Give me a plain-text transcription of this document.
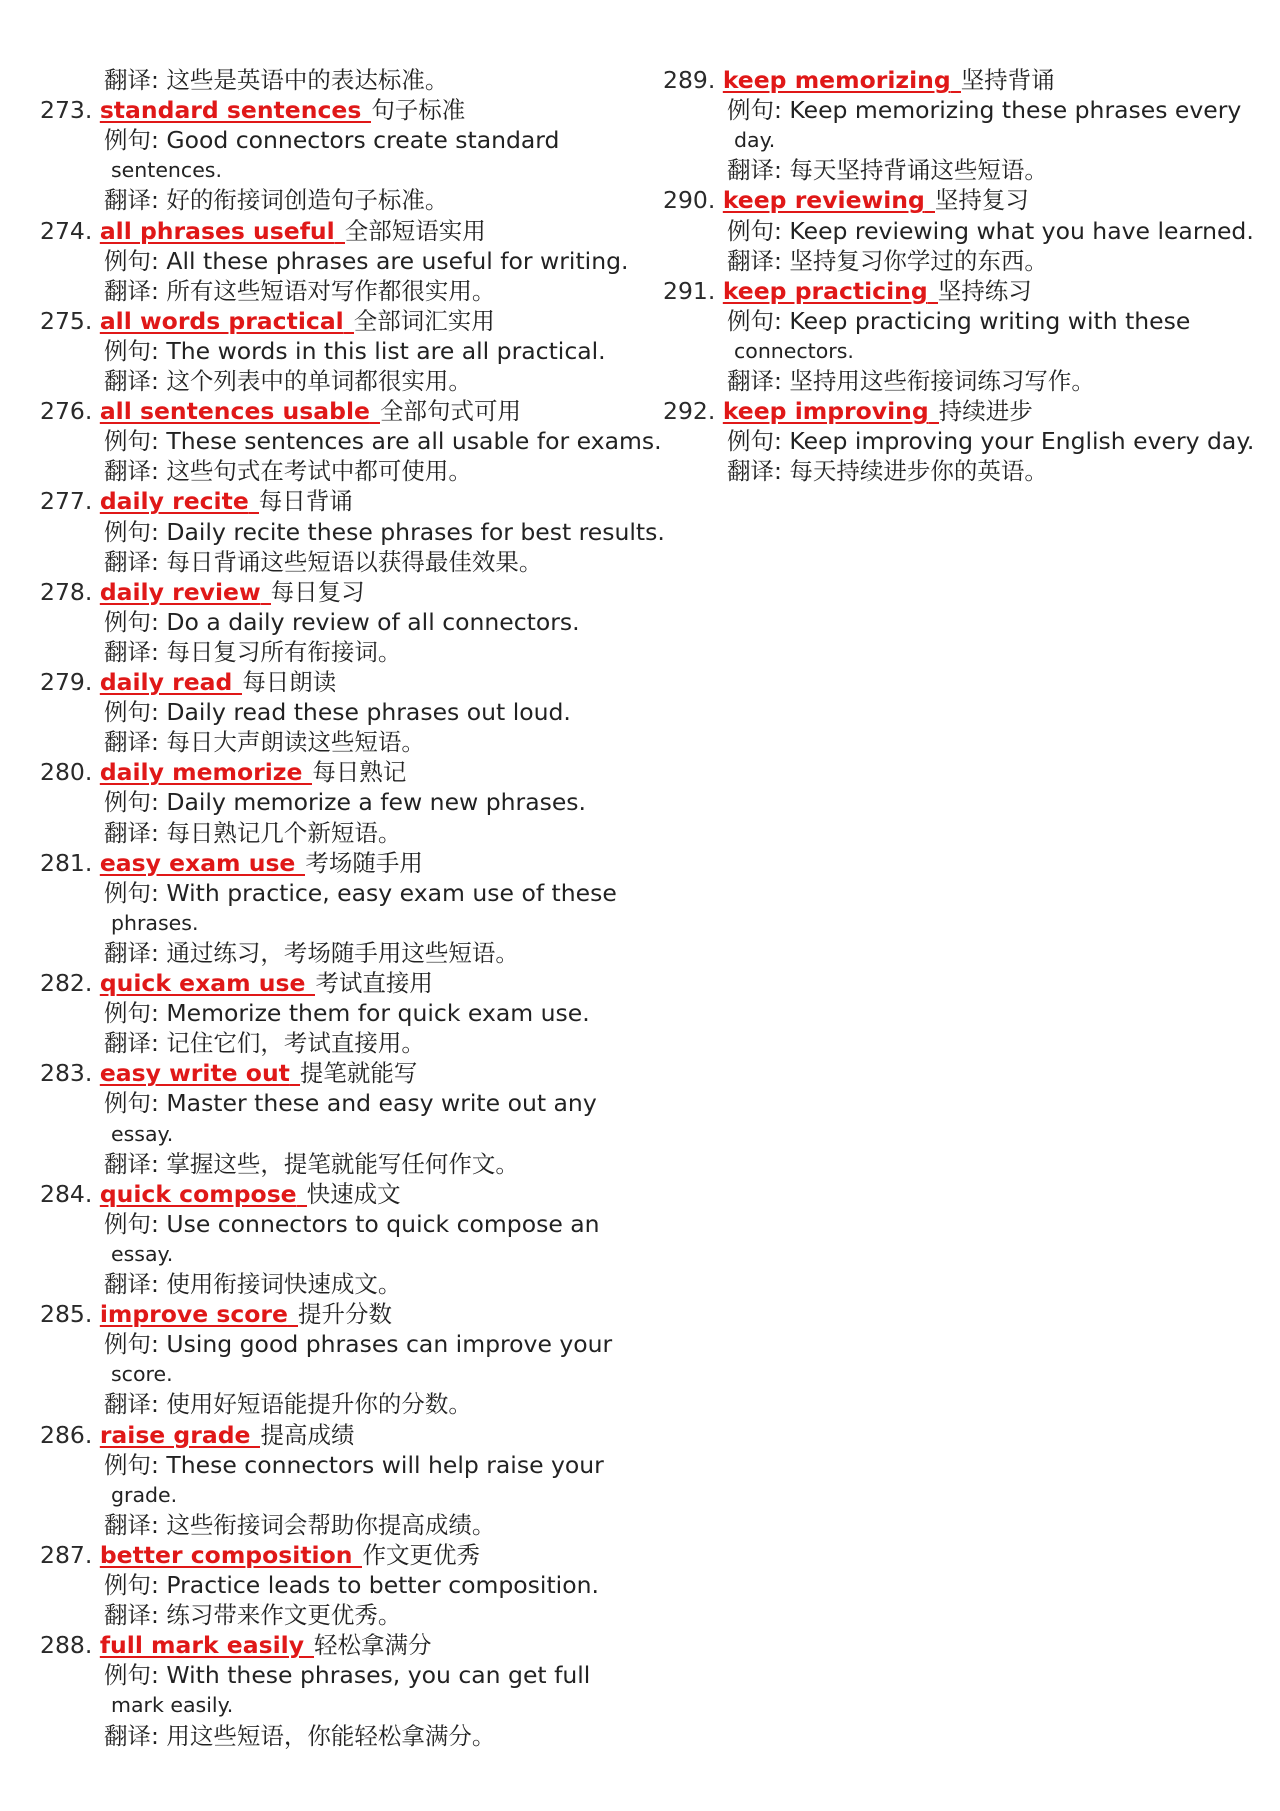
翻译: 这些是英语中的表达标准。
273. standard sentences 句子标准
例句: Good connectors create standard
sentences.
翻译: 好的衔接词创造句子标准。
274. all phrases useful 全部短语实用
例句: All these phrases are useful for writing.
翻译: 所有这些短语对写作都很实用。
275. all words practical 全部词汇实用
例句: The words in this list are all practical.
翻译: 这个列表中的单词都很实用。
276. all sentences usable 全部句式可用
例句: These sentences are all usable for exams.
翻译: 这些句式在考试中都可使用。
277. daily recite 每日背诵
例句: Daily recite these phrases for best results.
翻译: 每日背诵这些短语以获得最佳效果。
278. daily review 每日复习
例句: Do a daily review of all connectors.
翻译: 每日复习所有衔接词。
279. daily read 每日朗读
例句: Daily read these phrases out loud.
翻译: 每日大声朗读这些短语。
280. daily memorize 每日熟记
例句: Daily memorize a few new phrases.
翻译: 每日熟记几个新短语。
281. easy exam use 考场随手用
例句: With practice, easy exam use of these
phrases.
翻译: 通过练习，考场随手用这些短语。
282. quick exam use 考试直接用
例句: Memorize them for quick exam use.
翻译: 记住它们，考试直接用。
283. easy write out 提笔就能写
例句: Master these and easy write out any
essay.
翻译: 掌握这些，提笔就能写任何作文。
284. quick compose 快速成文
例句: Use connectors to quick compose an
essay.
翻译: 使用衔接词快速成文。
285. improve score 提升分数
例句: Using good phrases can improve your
score.
翻译: 使用好短语能提升你的分数。
286. raise grade 提高成绩
例句: These connectors will help raise your
grade.
翻译: 这些衔接词会帮助你提高成绩。
287. better composition 作文更优秀
例句: Practice leads to better composition.
翻译: 练习带来作文更优秀。
288. full mark easily 轻松拿满分
例句: With these phrases, you can get full
mark easily.
翻译: 用这些短语，你能轻松拿满分。
289. keep memorizing 坚持背诵
例句: Keep memorizing these phrases every
day.
翻译: 每天坚持背诵这些短语。
290. keep reviewing 坚持复习
例句: Keep reviewing what you have learned.
翻译: 坚持复习你学过的东西。
291. keep practicing 坚持练习
例句: Keep practicing writing with these
connectors.
翻译: 坚持用这些衔接词练习写作。
292. keep improving 持续进步
例句: Keep improving your English every day.
翻译: 每天持续进步你的英语。
